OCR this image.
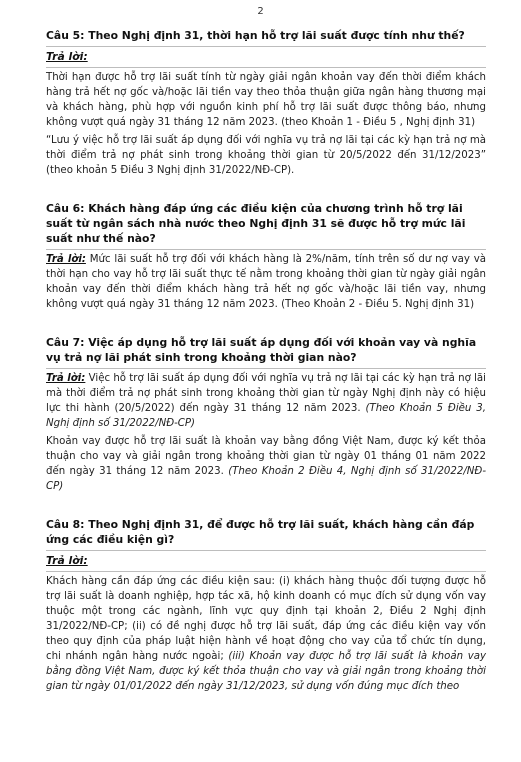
2
Câu 5: Theo Nghị định 31, thời hạn hỗ trợ lãi suất được tính như thế?
Trả lời:

Thời hạn được hỗ trợ lãi suất tính từ ngày giải ngân khoản vay đến thời điểm khách hàng trả hết nợ gốc và/hoặc lãi tiền vay theo thỏa thuận giữa ngân hàng thương mại và khách hàng, phù hợp với nguồn kinh phí hỗ trợ lãi suất được thông báo, nhưng không vượt quá ngày 31 tháng 12 năm 2023. (theo Khoản 1 - Điều 5 , Nghị định 31)

“Lưu ý việc hỗ trợ lãi suất áp dụng đối với nghĩa vụ trả nợ lãi tại các kỳ hạn trả nợ mà thời điểm trả nợ phát sinh trong khoảng thời gian từ 20/5/2022 đến 31/12/2023” (theo khoản 5 Điều 3 Nghị định 31/2022/NĐ-CP).

Câu 6: Khách hàng đáp ứng các điều kiện của chương trình hỗ trợ lãi suất từ ngân sách nhà nước theo Nghị định 31 sẽ được hỗ trợ mức lãi suất như thế nào?

Trả lời: Mức lãi suất hỗ trợ đối với khách hàng là 2%/năm, tính trên số dư nợ vay và thời hạn cho vay hỗ trợ lãi suất thực tế nằm trong khoảng thời gian từ ngày giải ngân khoản vay đến thời điểm khách hàng trả hết nợ gốc và/hoặc lãi tiền vay, nhưng không vượt quá ngày 31 tháng 12 năm 2023. (Theo Khoản 2 - Điều 5. Nghị định 31)

Câu 7: Việc áp dụng hỗ trợ lãi suất áp dụng đối với khoản vay và nghĩa vụ trả nợ lãi phát sinh trong khoảng thời gian nào?

Trả lời: Việc hỗ trợ lãi suất áp dụng đối với nghĩa vụ trả nợ lãi tại các kỳ hạn trả nợ lãi mà thời điểm trả nợ phát sinh trong khoảng thời gian từ ngày Nghị định này có hiệu lực thi hành (20/5/2022) đến ngày 31 tháng 12 năm 2023. (Theo Khoản 5 Điều 3, Nghị định số 31/2022/NĐ-CP)

Khoản vay được hỗ trợ lãi suất là khoản vay bằng đồng Việt Nam, được ký kết thỏa thuận cho vay và giải ngân trong khoảng thời gian từ ngày 01 tháng 01 năm 2022 đến ngày 31 tháng 12 năm 2023. (Theo Khoản 2 Điều 4, Nghị định số 31/2022/NĐ-CP)

Câu 8: Theo Nghị định 31, để được hỗ trợ lãi suất, khách hàng cần đáp ứng các điều kiện gì?
Trả lời:

Khách hàng cần đáp ứng các điều kiện sau: (i) khách hàng thuộc đối tượng được hỗ trợ lãi suất là doanh nghiệp, hợp tác xã, hộ kinh doanh có mục đích sử dụng vốn vay thuộc một trong các ngành, lĩnh vực quy định tại khoản 2, Điều 2 Nghị định 31/2022/NĐ-CP; (ii) có đề nghị được hỗ trợ lãi suất, đáp ứng các điều kiện vay vốn theo quy định của pháp luật hiện hành về hoạt động cho vay của tổ chức tín dụng, chi nhánh ngân hàng nước ngoài; (iii) Khoản vay được hỗ trợ lãi suất là khoản vay bằng đồng Việt Nam, được ký kết thỏa thuận cho vay và giải ngân trong khoảng thời gian từ ngày 01/01/2022 đến ngày 31/12/2023, sử dụng vốn đúng mục đích theo
